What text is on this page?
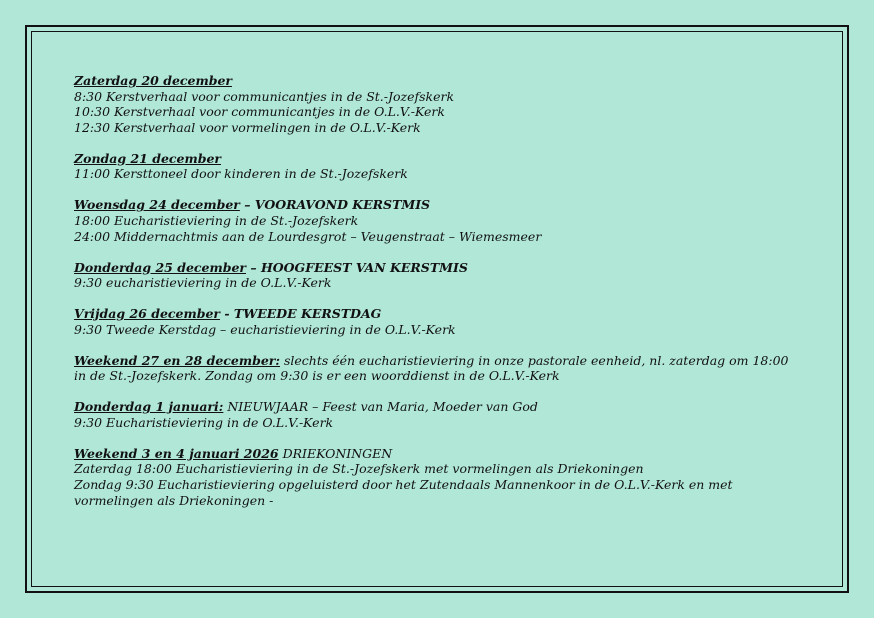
Zaterdag 20 december
8:30 Kerstverhaal voor communicantjes in de St.-Jozefskerk
10:30 Kerstverhaal voor communicantjes in de O.L.V.-Kerk
12:30 Kerstverhaal voor vormelingen in de O.L.V.-Kerk
Zondag 21 december
11:00 Kersttoneel door kinderen in de St.-Jozefskerk
Woensdag 24 december – VOORAVOND KERSTMIS
18:00 Eucharistieviering in de St.-Jozefskerk
24:00 Middernachtmis aan de Lourdesgrot – Veugenstraat – Wiemesmeer
Donderdag 25 december – HOOGFEEST VAN KERSTMIS
9:30 eucharistieviering in de O.L.V.-Kerk
Vrijdag 26 december - TWEEDE KERSTDAG
9:30 Tweede Kerstdag – eucharistieviering in de O.L.V.-Kerk
Weekend 27 en 28 december: slechts één eucharistieviering in onze pastorale eenheid, nl. zaterdag om 18:00 in de St.-Jozefskerk. Zondag om 9:30 is er een woorddienst in de O.L.V.-Kerk
Donderdag 1 januari: NIEUWJAAR – Feest van Maria, Moeder van God
9:30 Eucharistieviering in de O.L.V.-Kerk
Weekend 3 en 4 januari 2026 DRIEKONINGEN
Zaterdag 18:00 Eucharistieviering in de St.-Jozefskerk met vormelingen als Driekoningen
Zondag 9:30 Eucharistieviering opgeluisterd door het Zutendaals Mannenkoor in de O.L.V.-Kerk en met vormelingen als Driekoningen -
